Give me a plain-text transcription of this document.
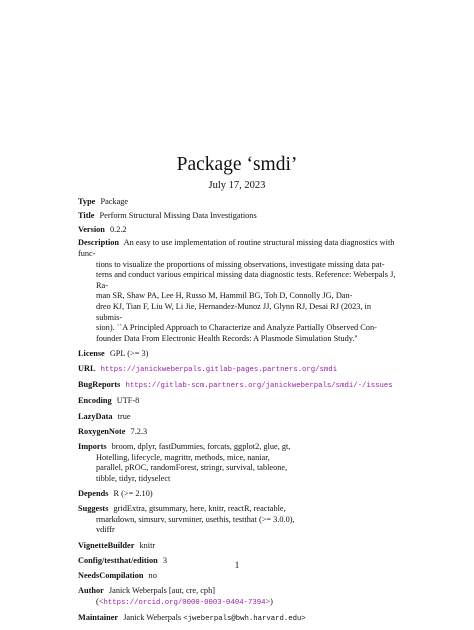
Package ‘smdi’
July 17, 2023
Type Package
Title Perform Structural Missing Data Investigations
Version 0.2.2
Description An easy to use implementation of routine structural missing data diagnostics with func-
tions to visualize the proportions of missing observations, investigate missing data pat-
terns and conduct various empirical missing data diagnostic tests. Reference: Weberpals J, Ra-
man SR, Shaw PA, Lee H, Russo M, Hammil BG, Toh D, Connolly JG, Dan-
dreo KJ, Tian F, Liu W, Li Jie, Hernandez-Munoz JJ, Glynn RJ, Desai RJ (2023, in submis-
sion). ``A Principled Approach to Characterize and Analyze Partially Observed Con-
founder Data From Electronic Health Records: A Plasmode Simulation Study.''
License GPL (>= 3)
URL https://janickweberpals.gitlab-pages.partners.org/smdi
BugReports https://gitlab-scm.partners.org/janickweberpals/smdi/-/issues
Encoding UTF-8
LazyData true
RoxygenNote 7.2.3
Imports broom, dplyr, fastDummies, forcats, ggplot2, glue, gt,
Hotelling, lifecycle, magrittr, methods, mice, naniar,
parallel, pROC, randomForest, stringr, survival, tableone,
tibble, tidyr, tidyselect
Depends R (>= 2.10)
Suggests gridExtra, gtsummary, here, knitr, reactR, reactable,
rmarkdown, simsurv, survminer, usethis, testthat (>= 3.0.0),
vdiffr
VignetteBuilder knitr
Config/testthat/edition 3
NeedsCompilation no
Author Janick Weberpals [aut, cre, cph]
(<https://orcid.org/0000-0003-0404-7394>)
Maintainer Janick Weberpals <jweberpals@bwh.harvard.edu>
1
